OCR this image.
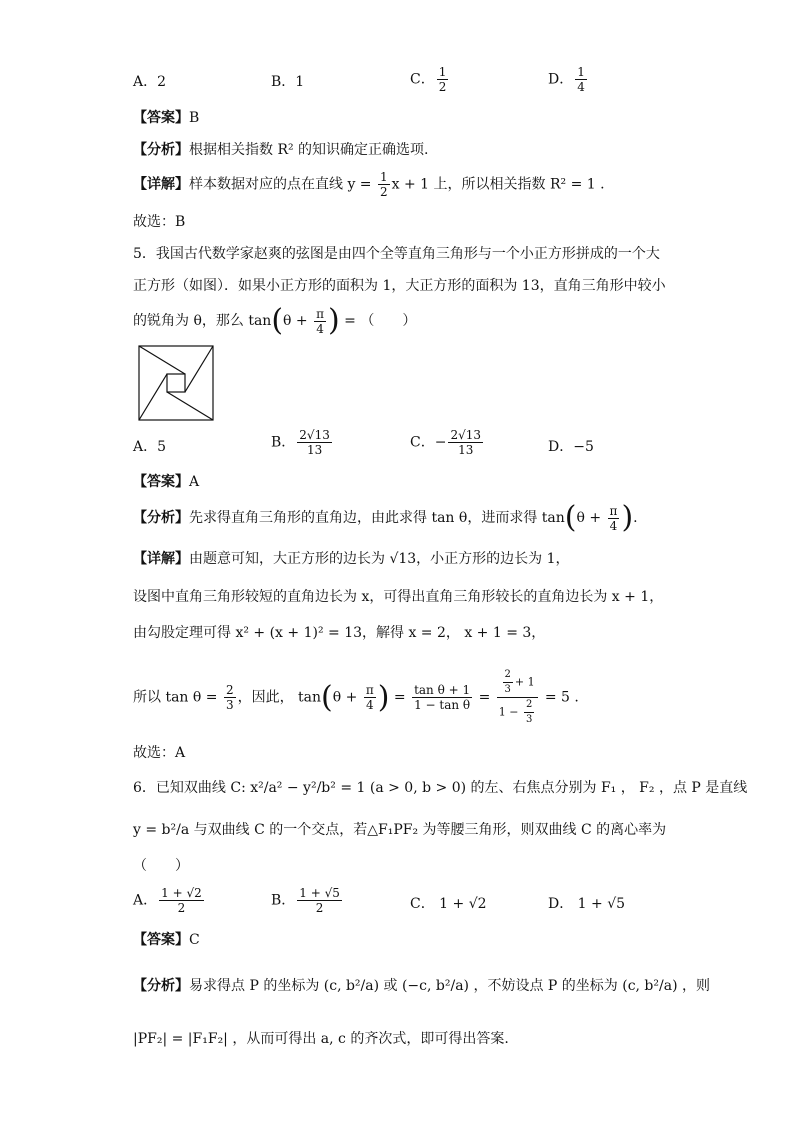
A．2	B．1	C． $\frac{1}{2}$	D． $\frac{1}{4}$
【答案】B
【分析】根据相关指数 R² 的知识确定正确选项.
【详解】样本数据对应的点在直线 $y = \frac{1}{2}$ x + 1 上，所以相关指数 R² = 1 .
故选：B
5．我国古代数学家赵爽的弦图是由四个全等直角三角形与一个小正方形拼成的一个大
正方形（如图）．如果小正方形的面积为 1，大正方形的面积为 13，直角三角形中较小
的锐角为 θ，那么 $\tan(\theta + \frac{\pi}{4}$ ) = （　　）
A．5	B． $\frac{2√13}{13}$	C．− $\frac{2√13}{13}$	D．−5
【答案】A
【分析】先求得直角三角形的直角边，由此求得 tan θ，进而求得 $\tan(\theta + \frac{\pi}{4}$ ).
【详解】由题意可知，大正方形的边长为 √13，小正方形的边长为 1，
设图中直角三角形较短的直角边长为 x，可得出直角三角形较长的直角边长为 x + 1，
由勾股定理可得 x² + (x + 1)² = 13，解得 x = 2， x + 1 = 3，
所以 $\tan \theta = \frac{2}{3}$ ，因此， $\tan(\theta + \frac{\pi}{4}$ ) = $\frac{\text{tan θ + 1}}{\text{1 − tan θ}} = \frac{\frac{2}{3} + 1}{1 - \frac{2}{3}} = 5$ .
故选：A
6．已知双曲线 C: x²/a² − y²/b² = 1 (a > 0, b > 0) 的左、右焦点分别为 F₁ ， F₂ ，点 P 是直线
y = b²/a 与双曲线 C 的一个交点，若△F₁PF₂ 为等腰三角形，则双曲线 C 的离心率为
（　　）
A． $\frac{1 + √2}{2}$	B． $\frac{1 + √5}{2}$	C． 1 + √2	D． 1 + √5
【答案】C
【分析】易求得点 P 的坐标为 (c, b²/a) 或 (−c, b²/a) ，不妨设点 P 的坐标为 (c, b²/a) ，则
|PF₂| = |F₁F₂| ，从而可得出 a, c 的齐次式，即可得出答案.
